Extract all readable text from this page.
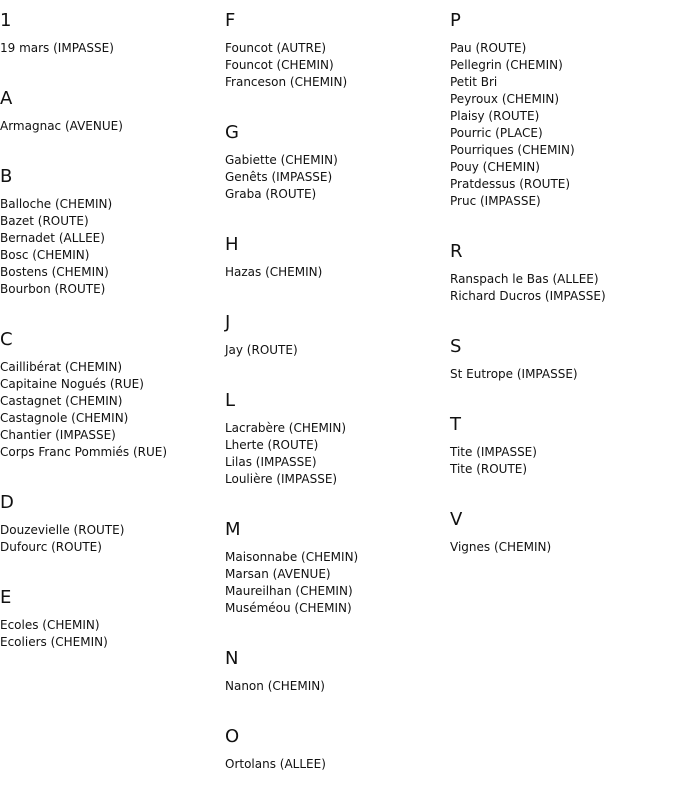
1
19 mars (IMPASSE)
A
Armagnac (AVENUE)
B
Balloche (CHEMIN)
Bazet (ROUTE)
Bernadet (ALLEE)
Bosc (CHEMIN)
Bostens (CHEMIN)
Bourbon (ROUTE)
C
Caillibérat (CHEMIN)
Capitaine Nogués (RUE)
Castagnet (CHEMIN)
Castagnole (CHEMIN)
Chantier (IMPASSE)
Corps Franc Pommiés (RUE)
D
Douzevielle (ROUTE)
Dufourc (ROUTE)
E
Ecoles (CHEMIN)
Ecoliers (CHEMIN)
F
Founcot (AUTRE)
Founcot (CHEMIN)
Franceson (CHEMIN)
G
Gabiette (CHEMIN)
Genêts (IMPASSE)
Graba (ROUTE)
H
Hazas (CHEMIN)
J
Jay (ROUTE)
L
Lacrabère (CHEMIN)
Lherte (ROUTE)
Lilas (IMPASSE)
Loulière (IMPASSE)
M
Maisonnabe (CHEMIN)
Marsan (AVENUE)
Maureilhan (CHEMIN)
Muséméou (CHEMIN)
N
Nanon (CHEMIN)
O
Ortolans (ALLEE)
P
Pau (ROUTE)
Pellegrin (CHEMIN)
Petit Bri
Peyroux (CHEMIN)
Plaisy (ROUTE)
Pourric (PLACE)
Pourriques (CHEMIN)
Pouy (CHEMIN)
Pratdessus (ROUTE)
Pruc (IMPASSE)
R
Ranspach le Bas (ALLEE)
Richard Ducros (IMPASSE)
S
St Eutrope (IMPASSE)
T
Tite (IMPASSE)
Tite (ROUTE)
V
Vignes (CHEMIN)
